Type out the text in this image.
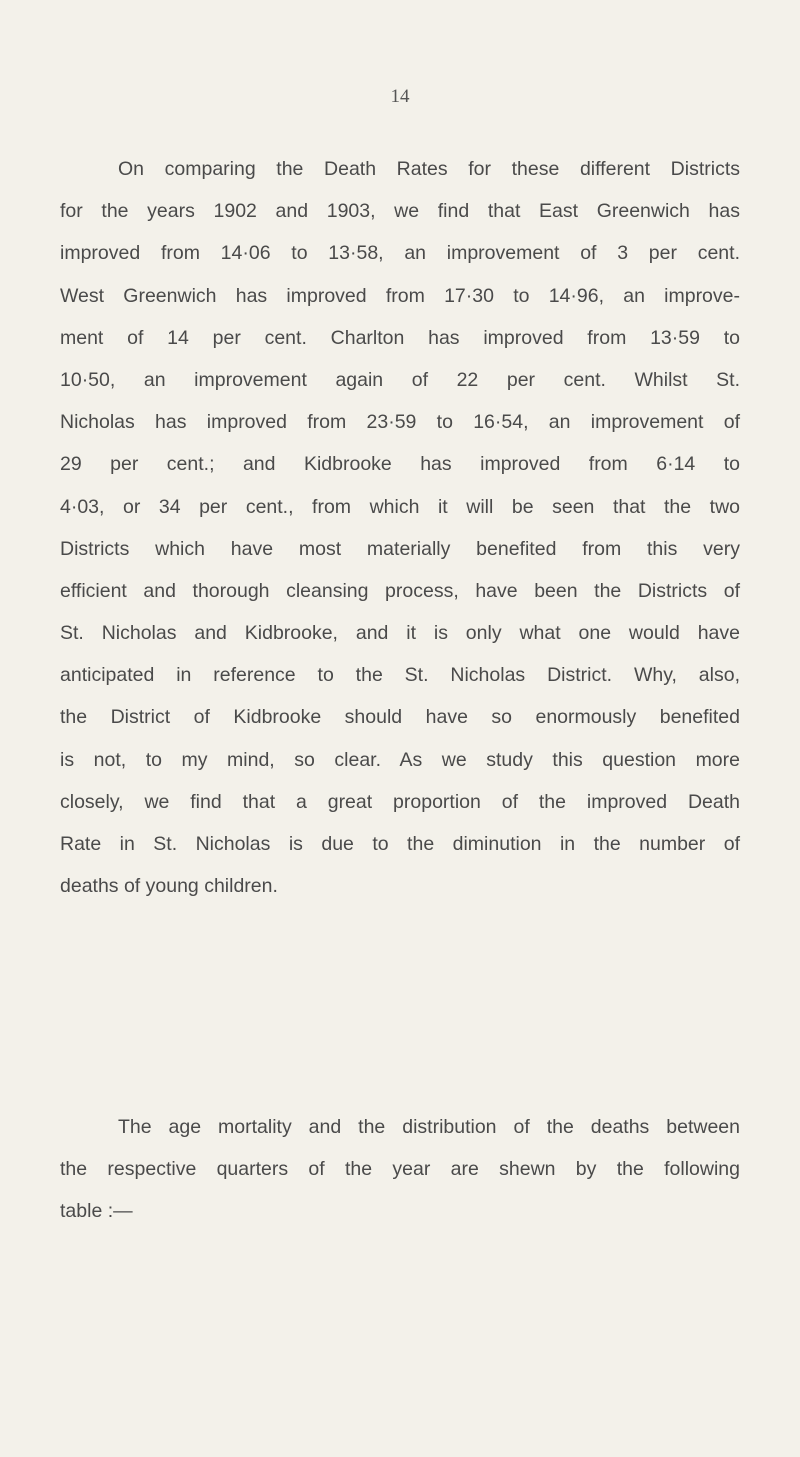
14
On comparing the Death Rates for these different Districts
for the years 1902 and 1903, we find that East Greenwich has
improved from 14·06 to 13·58, an improvement of 3 per cent.
West Greenwich has improved from 17·30 to 14·96, an improve-
ment of 14 per cent. Charlton has improved from 13·59 to
10·50, an improvement again of 22 per cent. Whilst St.
Nicholas has improved from 23·59 to 16·54, an improvement of
29 per cent.; and Kidbrooke has improved from 6·14 to
4·03, or 34 per cent., from which it will be seen that the two
Districts which have most materially benefited from this very
efficient and thorough cleansing process, have been the Districts of
St. Nicholas and Kidbrooke, and it is only what one would have
anticipated in reference to the St. Nicholas District. Why, also,
the District of Kidbrooke should have so enormously benefited
is not, to my mind, so clear. As we study this question more
closely, we find that a great proportion of the improved Death
Rate in St. Nicholas is due to the diminution in the number of
deaths of young children.
The age mortality and the distribution of the deaths between
the respective quarters of the year are shewn by the following
table :—
